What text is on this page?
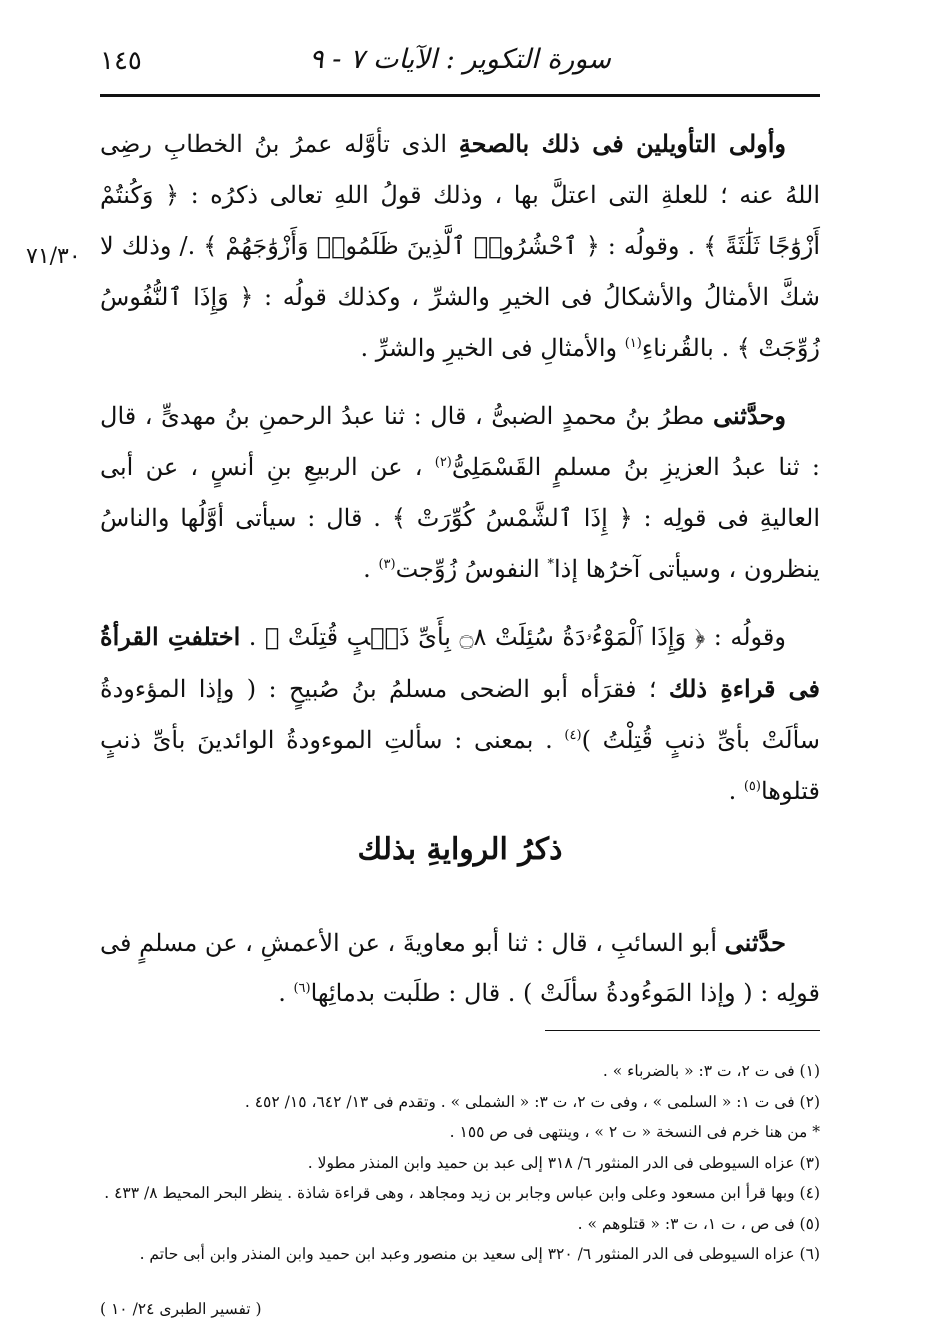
١٤٥	سورة التكوير : الآيات ٧ - ٩
٧١/٣٠

وأولى التأويلين فى ذلك بالصحةِ الذى تأوَّله عمرُ بنُ الخطابِ رضِى اللهُ عنه ؛ للعلةِ التى اعتلَّ بها ، وذلك قولُ اللهِ تعالى ذكرُه : ﴿ وَكُنتُمْ أَزْوَٰجًا ثَلَٰثَةً ﴾ . وقولُه : ﴿ ٱحْشُرُوا۟ ٱلَّذِينَ ظَلَمُوا۟ وَأَزْوَٰجَهُمْ ﴾ ./ وذلك لا شكَّ الأمثالُ والأشكالُ فى الخيرِ والشرِّ ، وكذلك قولُه : ﴿ وَإِذَا ٱلنُّفُوسُ زُوِّجَتْ ﴾ . بالقُرناءِ$^{(١)}$ والأمثالِ فى الخيرِ والشرِّ .

وحدَّثنى مطرُ بنُ محمدٍ الضبىُّ ، قال : ثنا عبدُ الرحمنِ بنُ مهدىٍّ ، قال : ثنا عبدُ العزيزِ بنُ مسلمٍ القَسْمَلِىُّ$^{(٢)}$ ، عن الربيعِ بنِ أنسٍ ، عن أبى العاليةِ فى قولِه : ﴿ إِذَا ٱلشَّمْسُ كُوِّرَتْ ﴾ . قال : سيأتى أوَّلُها والناسُ ينظرون ، وسيأتى آخرُها إذا* النفوسُ زُوِّجت$^{(٣)}$ .

وقولُه : ﴿ وَإِذَا ٱلْمَوْءُۥدَةُ سُئِلَتْ ۝٨ بِأَىِّ ذَنۢبٍ قُتِلَتْ ﴾ . اختلفتِ القرأةُ فى قراءةِ ذلك ؛ فقرَأه أبو الضحى مسلمُ بنُ صُبيحٍ : ( وإذا المؤءودةُ سألَتْ بأىِّ ذنبٍ قُتِلْتُ )$^{(٤)}$ . بمعنى : سألتِ الموءودةُ الوائدينَ بأىِّ ذنبٍ قتلوها$^{(٥)}$ .

ذكرُ الروايةِ بذلك

حدَّثنى أبو السائبِ ، قال : ثنا أبو معاويةَ ، عن الأعمشِ ، عن مسلمٍ فى قولِه : ( وإذا المَوءُودةُ سألَتْ ) . قال : طلَبت بدمائِها$^{(٦)}$ .

(١) فى ت ٢، ت ٣: « بالضرباء » .
(٢) فى ت ١: « السلمى » ، وفى ت ٢، ت ٣: « الشملى » . وتقدم فى ١٣/ ٦٤٢، ١٥/ ٤٥٢ .
* من هنا خرم فى النسخة « ت ٢ » ، وينتهى فى ص ١٥٥ .
(٣) عزاه السيوطى فى الدر المنثور ٦/ ٣١٨ إلى عبد بن حميد وابن المنذر مطولا .
(٤) وبها قرأ ابن مسعود وعلى وابن عباس وجابر بن زيد ومجاهد ، وهى قراءة شاذة . ينظر البحر المحيط ٨/ ٤٣٣ .
(٥) فى ص ، ت ١، ت ٣: « قتلوهم » .
(٦) عزاه السيوطى فى الدر المنثور ٦/ ٣٢٠ إلى سعيد بن منصور وعبد ابن حميد وابن المنذر وابن أبى حاتم .
( تفسير الطبرى ٢٤/ ١٠ )
